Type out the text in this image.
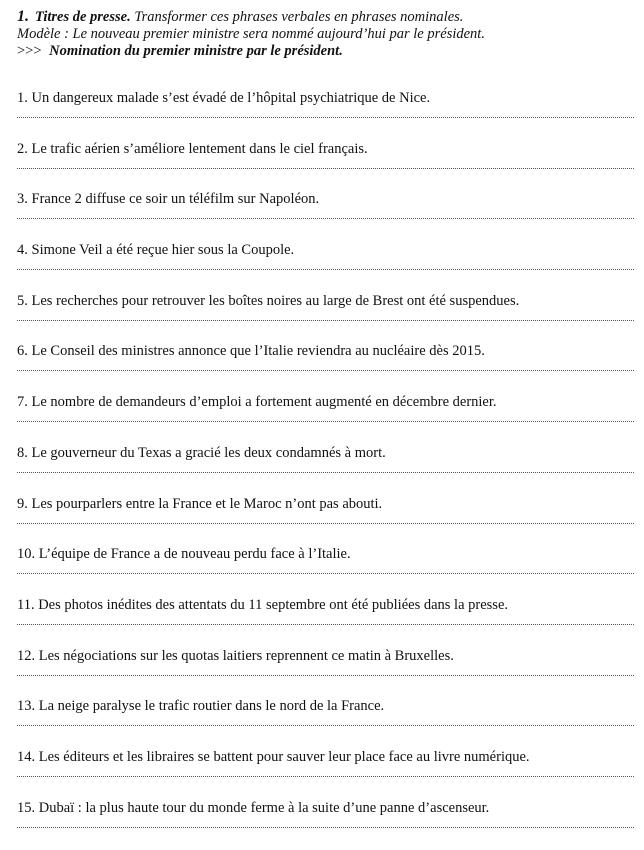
1. Titres de presse. Transformer ces phrases verbales en phrases nominales.
Modèle : Le nouveau premier ministre sera nommé aujourd’hui par le président.
>>> Nomination du premier ministre par le président.
1. Un dangereux malade s’est évadé de l’hôpital psychiatrique de Nice.
2. Le trafic aérien s’améliore lentement dans le ciel français.
3. France 2 diffuse ce soir un téléfilm sur Napoléon.
4. Simone Veil a été reçue hier sous la Coupole.
5. Les recherches pour retrouver les boîtes noires au large de Brest ont été suspendues.
6. Le Conseil des ministres annonce que l’Italie reviendra au nucléaire dès 2015.
7. Le nombre de demandeurs d’emploi a fortement augmenté en décembre dernier.
8. Le gouverneur du Texas a gracié les deux condamnés à mort.
9. Les pourparlers entre la France et le Maroc n’ont pas abouti.
10. L’équipe de France a de nouveau perdu face à l’Italie.
11. Des photos inédites des attentats du 11 septembre ont été publiées dans la presse.
12. Les négociations sur les quotas laitiers reprennent ce matin à Bruxelles.
13. La neige paralyse le trafic routier dans le nord de la France.
14. Les éditeurs et les libraires se battent pour sauver leur place face au livre numérique.
15. Dubaï : la plus haute tour du monde ferme à la suite d’une panne d’ascenseur.
